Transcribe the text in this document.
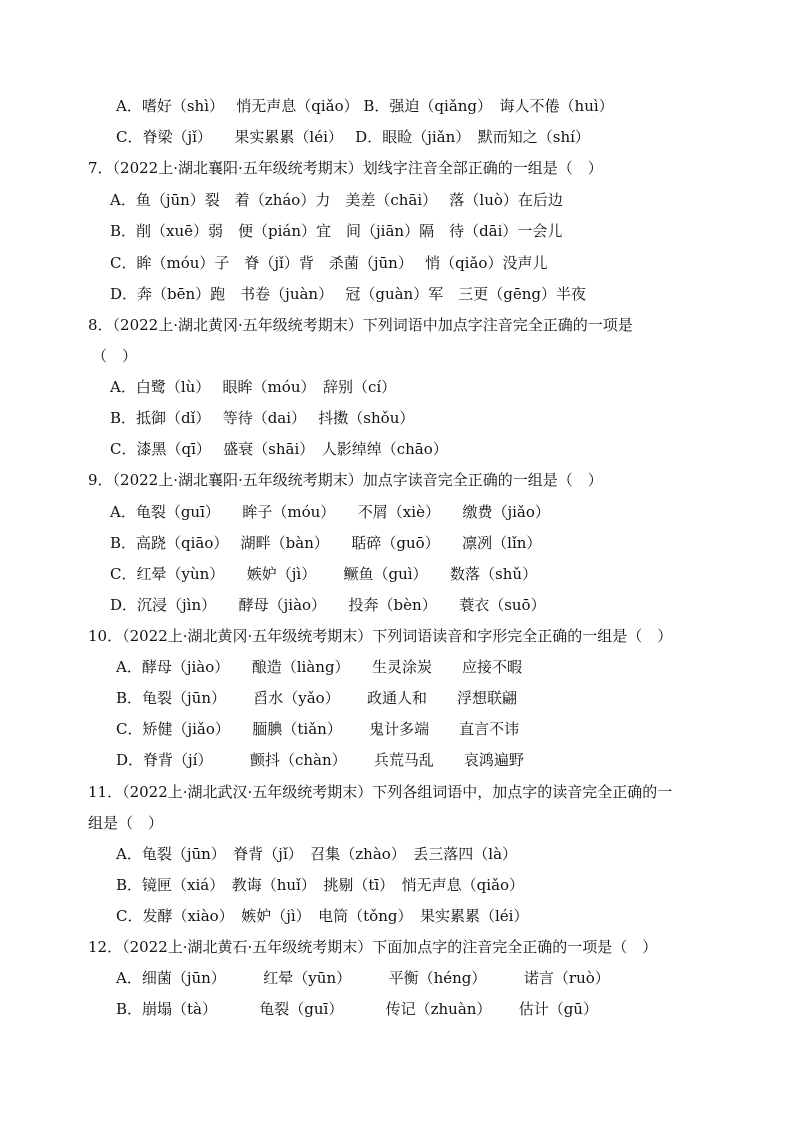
A．嗜好（shì）　 悄无声息（qiǎo） B．强迫（qiǎng）　诲人不倦（huì）
C．脊梁（jǐ）　　果实累累（léi）　 D．眼睑（jiǎn）　默而知之（shí）
7．（2022上·湖北襄阳·五年级统考期末）划线字注音全部正确的一组是（　）
A．鱼（jūn）裂　着（zháo）力　美差（chāi）　 落（luò）在后边
B．削（xuē）弱　便（pián）宜　间（jiān）隔　待（dāi）一会儿
C．眸（móu）子　脊（jǐ）背　杀菌（jūn）　 悄（qiǎo）没声儿
D．奔（bēn）跑　书卷（juàn）　 冠（guàn）军　三更（gēng）半夜
8．（2022上·湖北黄冈·五年级统考期末）下列词语中加点字注音完全正确的一项是
（　）
A．白鹭（lù）　 眼眸（móu）　辞别（cí）
B．抵御（dǐ）　 等待（dai）　 抖擞（shǒu）
C．漆黑（qī）　 盛衰（shāi）　人影绰绰（chāo）
9．（2022上·湖北襄阳·五年级统考期末）加点字读音完全正确的一组是（　）
A．龟裂（guī）　　眸子（móu）　　不屑（xiè）　　缴费（jiǎo）
B．高跷（qiāo）　 湖畔（bàn）　　聒碎（guō）　　凛冽（lǐn）
C．红晕（yùn）　　嫉妒（jì）　　 鳜鱼（guì）　　数落（shǔ）
D．沉浸（jìn）　　酵母（jiào）　　投奔（bèn）　　蓑衣（suō）
10．（2022上·湖北黄冈·五年级统考期末）下列词语读音和字形完全正确的一组是（　）
A．酵母（jiào）　　酿造（liàng）　　生灵涂炭　　应接不暇
B．龟裂（jūn）　　 舀水（yǎo）　　 政通人和　　浮想联翩
C．矫健（jiǎo）　　腼腆（tiǎn）　　 鬼计多端　　直言不讳
D．脊背（jí）　　　颤抖（chàn）　　 兵荒马乱　　哀鸿遍野
11．（2022上·湖北武汉·五年级统考期末）下列各组词语中，加点字的读音完全正确的一
组是（　）
A．龟裂（jūn）　脊背（jǐ）　召集（zhào）　丢三落四（là）
B．镜匣（xiá）　教诲（huǐ）　挑剔（tī）　悄无声息（qiǎo）
C．发酵（xiào）　嫉妒（jì）　电筒（tǒng）　果实累累（léi）
12．（2022上·湖北黄石·五年级统考期末）下面加点字的注音完全正确的一项是（　）
A．细菌（jūn）　　　红晕（yūn）　　　平衡（héng）　　　诺言（ruò）
B．崩塌（tà）　　　 龟裂（guī）　　　 传记（zhuàn）　　 估计（gū）
